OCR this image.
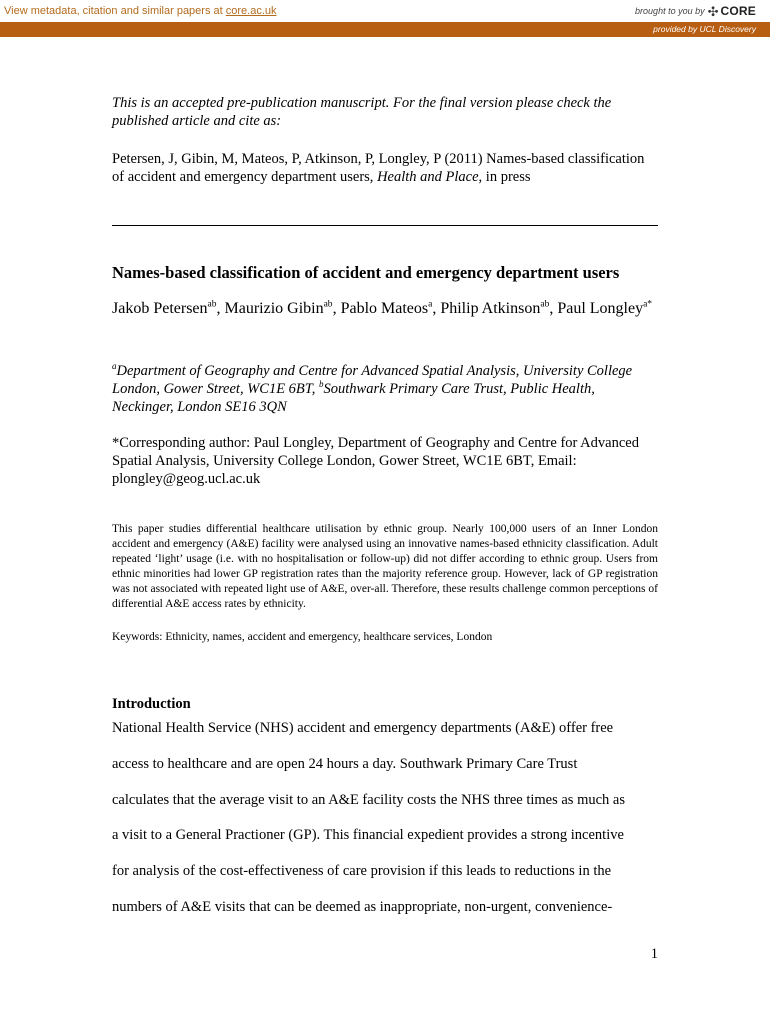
View metadata, citation and similar papers at core.ac.uk	brought to you by ✣ CORE
provided by UCL Discovery
This is an accepted pre-publication manuscript. For the final version please check the published article and cite as:
Petersen, J, Gibin, M, Mateos, P, Atkinson, P, Longley, P (2011) Names-based classification of accident and emergency department users, Health and Place, in press
Names-based classification of accident and emergency department users
Jakob Petersen$^{ab}$, Maurizio Gibin$^{ab}$, Pablo Mateos$^a$, Philip Atkinson$^{ab}$, Paul Longley$^{a*}$
$^a$Department of Geography and Centre for Advanced Spatial Analysis, University College London, Gower Street, WC1E 6BT, $^b$Southwark Primary Care Trust, Public Health, Neckinger, London SE16 3QN
*Corresponding author: Paul Longley, Department of Geography and Centre for Advanced Spatial Analysis, University College London, Gower Street, WC1E 6BT, Email: plongley@geog.ucl.ac.uk
This paper studies differential healthcare utilisation by ethnic group. Nearly 100,000 users of an Inner London accident and emergency (A&E) facility were analysed using an innovative names-based ethnicity classification. Adult repeated ‘light’ usage (i.e. with no hospitalisation or follow-up) did not differ according to ethnic group. Users from ethnic minorities had lower GP registration rates than the majority reference group. However, lack of GP registration was not associated with repeated light use of A&E, over-all. Therefore, these results challenge common perceptions of differential A&E access rates by ethnicity.
Keywords: Ethnicity, names, accident and emergency, healthcare services, London
Introduction
National Health Service (NHS) accident and emergency departments (A&E) offer free
access to healthcare and are open 24 hours a day. Southwark Primary Care Trust
calculates that the average visit to an A&E facility costs the NHS three times as much as
a visit to a General Practioner (GP). This financial expedient provides a strong incentive
for analysis of the cost-effectiveness of care provision if this leads to reductions in the
numbers of A&E visits that can be deemed as inappropriate, non-urgent, convenience-
1
